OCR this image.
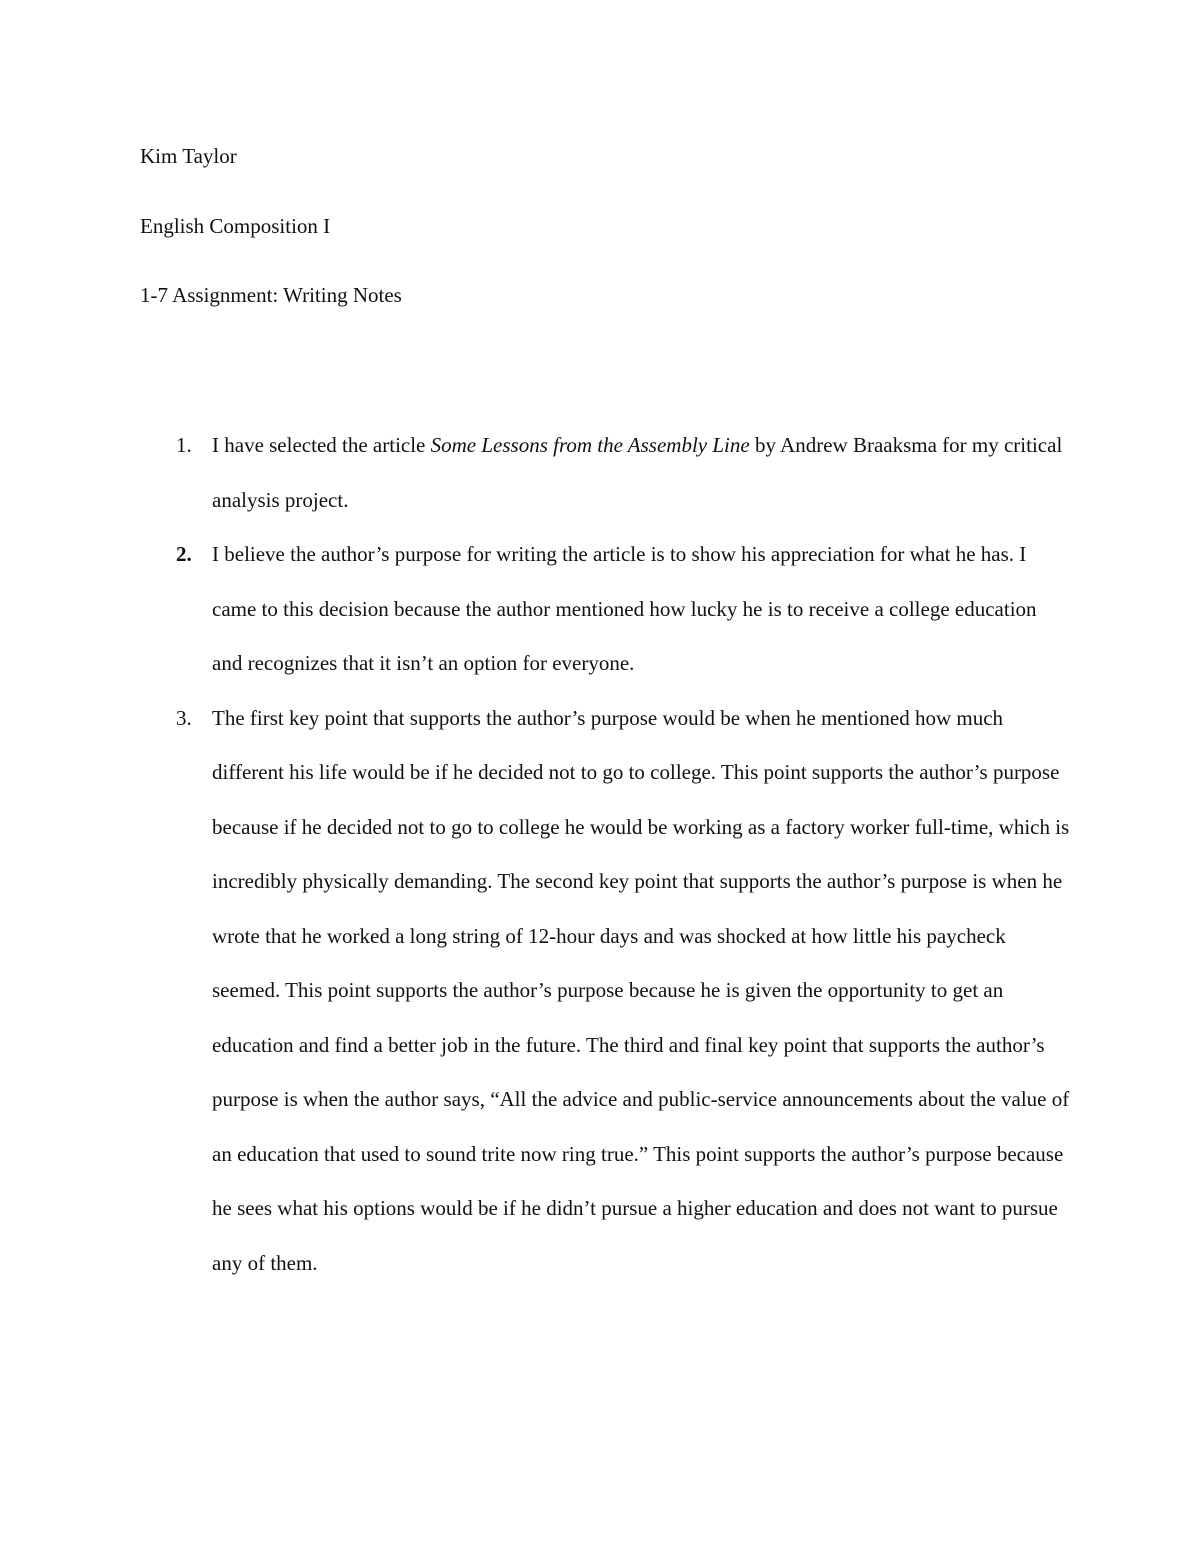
Kim Taylor
English Composition I
1-7 Assignment: Writing Notes
1. I have selected the article Some Lessons from the Assembly Line by Andrew Braaksma for my critical analysis project.
2. I believe the author’s purpose for writing the article is to show his appreciation for what he has. I came to this decision because the author mentioned how lucky he is to receive a college education and recognizes that it isn’t an option for everyone.
3. The first key point that supports the author’s purpose would be when he mentioned how much different his life would be if he decided not to go to college. This point supports the author’s purpose because if he decided not to go to college he would be working as a factory worker full-time, which is incredibly physically demanding. The second key point that supports the author’s purpose is when he wrote that he worked a long string of 12-hour days and was shocked at how little his paycheck seemed. This point supports the author’s purpose because he is given the opportunity to get an education and find a better job in the future. The third and final key point that supports the author’s purpose is when the author says, “All the advice and public-service announcements about the value of an education that used to sound trite now ring true.” This point supports the author’s purpose because he sees what his options would be if he didn’t pursue a higher education and does not want to pursue any of them.
